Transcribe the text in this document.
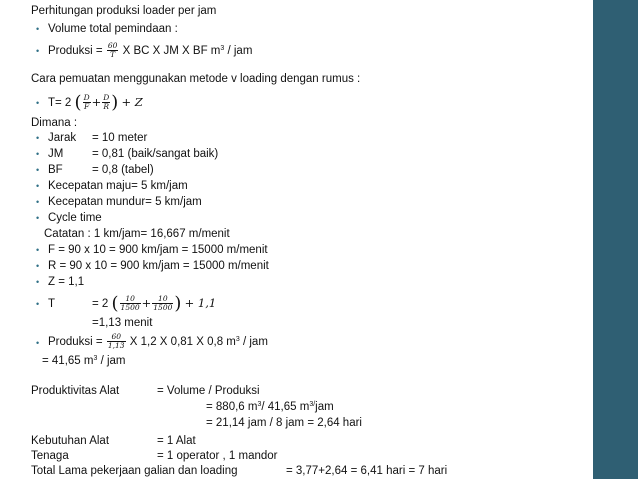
Perhitungan produksi loader per jam
• Volume total pemindaan :
• Produksi = $\frac{60}{T}$ X BC X JM X BF $m^3$ / jam
Cara pemuatan menggunakan metode v loading dengan rumus :
• T= 2 ( $\frac{D}{F} + \frac{D}{R}$ ) + Z
Dimana :
• Jarak = 10 meter
• JM = 0,81 (baik/sangat baik)
• BF	= 0,8 (tabel)
• Kecepatan maju= 5 km/jam
• Kecepatan mundur= 5 km/jam
• Cycle time
Catatan : 1 km/jam= 16,667 m/menit
• F = 90 x 10 = 900 km/jam = 15000 m/menit
• R = 90 x 10 = 900 km/jam = 15000 m/menit
• Z = 1,1
• T	= 2 ( $\frac{10}{1500} + \frac{10}{1500}$ ) + 1,1
=1,13 menit
• Produksi = $\frac{60}{1,13}$ X 1,2 X 0,81 X 0,8 $m^3$ / jam
= 41,65 $m^3$ / jam
Produktivitas Alat	= Volume / Produksi
= 880,6 $m^3/$ 41,65 $m^{3/}jam$
= 21,14 jam / 8 jam = 2,64 hari
Kebutuhan Alat	= 1 Alat
Tenaga	= 1 operator , 1 mandor
Total Lama pekerjaan galian dan loading	= 3,77+2,64 = 6,41 hari = 7 hari
